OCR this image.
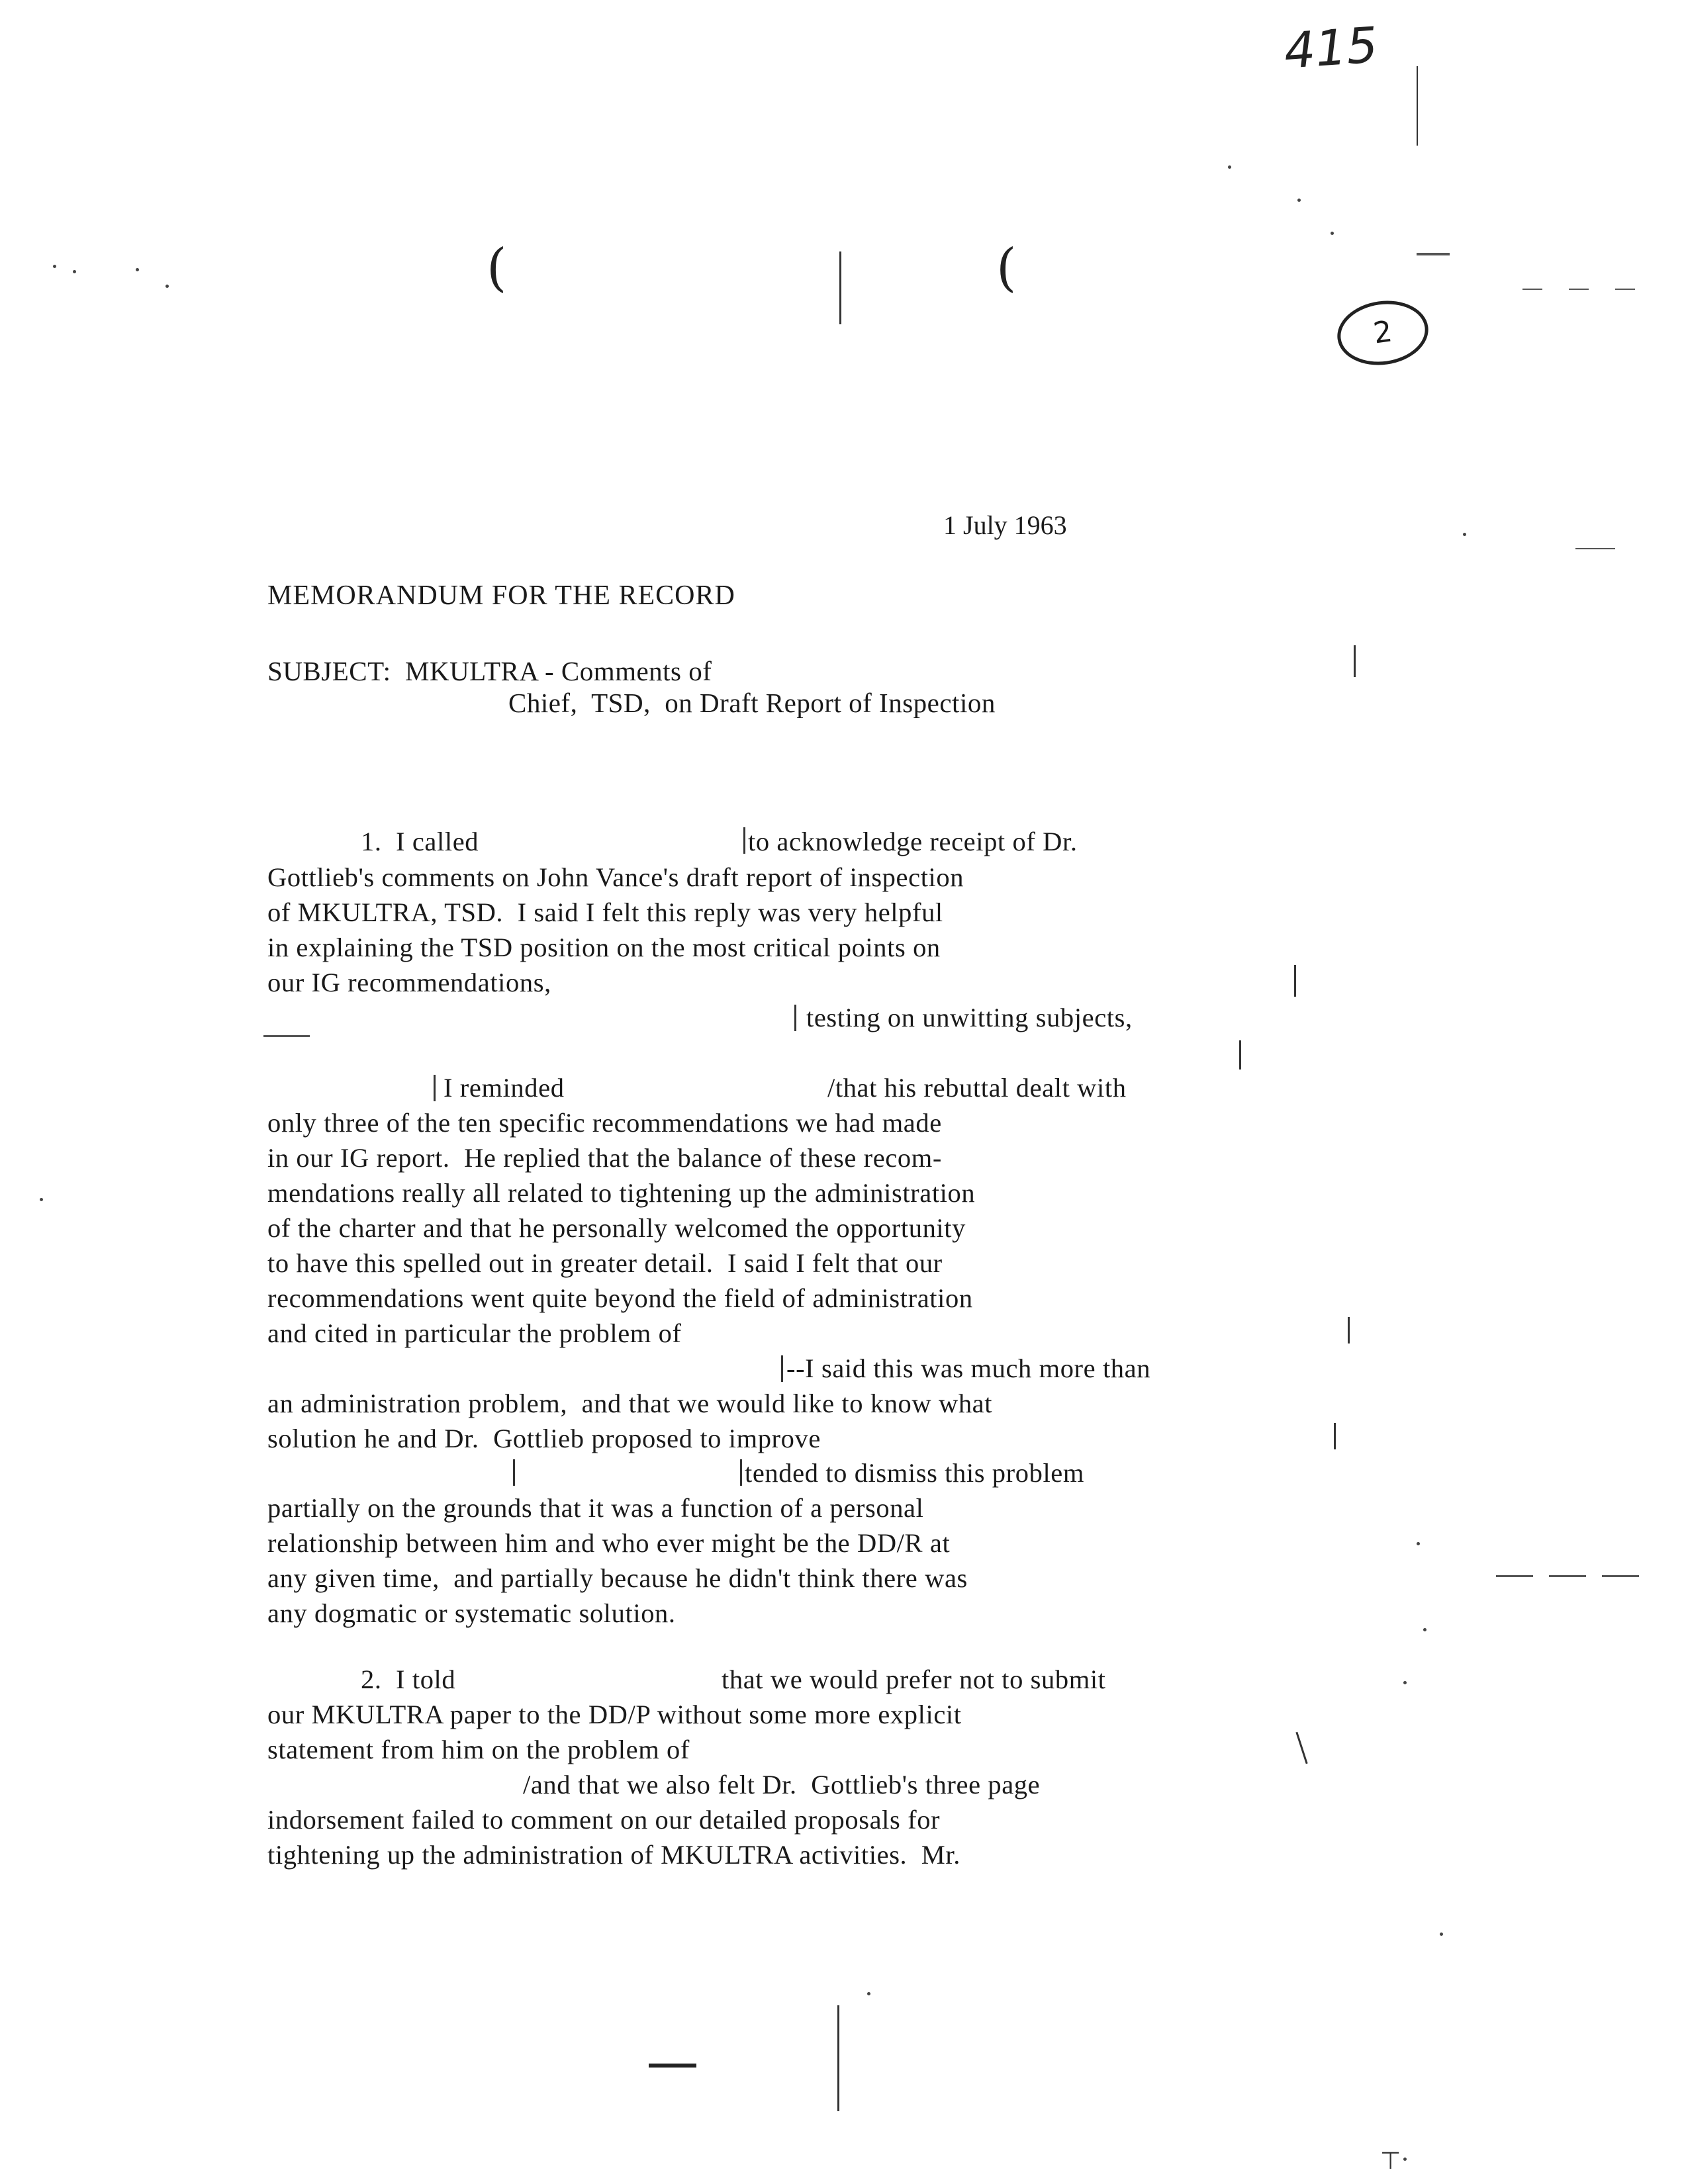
415
2
(	(
1 July 1963
MEMORANDUM FOR THE RECORD
SUBJECT:  MKULTRA - Comments of
Chief,  TSD,  on Draft Report of Inspection
1.  I called	to acknowledge receipt of Dr.
Gottlieb's comments on John Vance's draft report of inspection
of MKULTRA, TSD.  I said I felt this reply was very helpful
in explaining the TSD position on the most critical points on
our IG recommendations,
testing on unwitting subjects,
I reminded	/that his rebuttal dealt with
only three of the ten specific recommendations we had made
in our IG report.  He replied that the balance of these recom-
mendations really all related to tightening up the administration
of the charter and that he personally welcomed the opportunity
to have this spelled out in greater detail.  I said I felt that our
recommendations went quite beyond the field of administration
and cited in particular the problem of
--I said this was much more than
an administration problem,  and that we would like to know what
solution he and Dr.  Gottlieb proposed to improve
tended to dismiss this problem
partially on the grounds that it was a function of a personal
relationship between him and who ever might be the DD/R at
any given time,  and partially because he didn't think there was
any dogmatic or systematic solution.
2.  I told	that we would prefer not to submit
our MKULTRA paper to the DD/P without some more explicit
statement from him on the problem of
/and that we also felt Dr.  Gottlieb's three page
indorsement failed to comment on our detailed proposals for
tightening up the administration of MKULTRA activities.  Mr.
⊤
